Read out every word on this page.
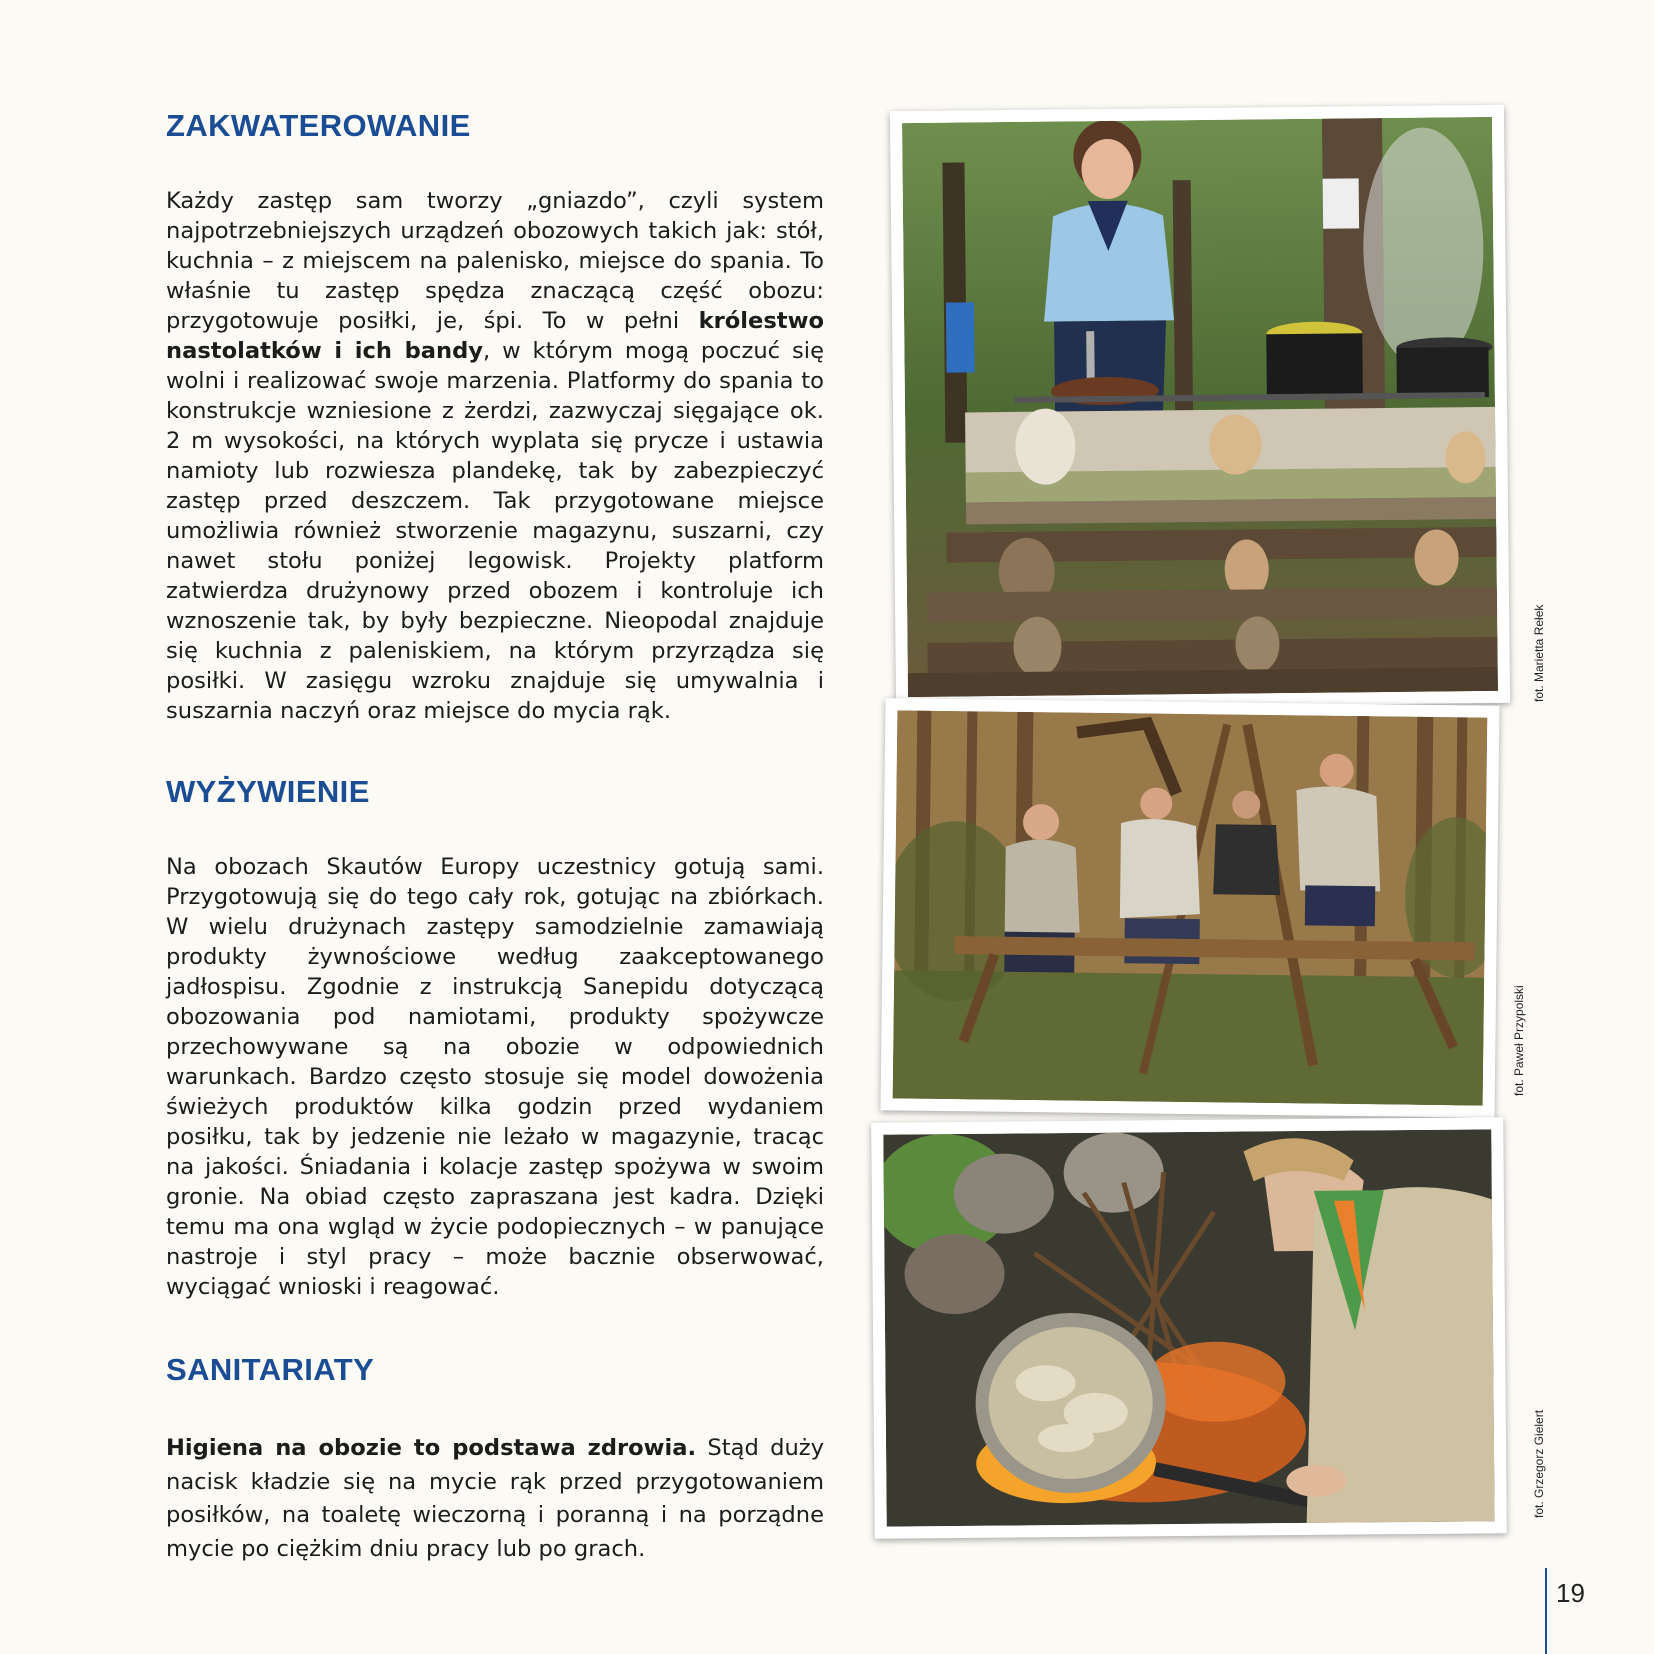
ZAKWATEROWANIE

Każdy zastęp sam tworzy „gniazdo”, czyli system najpotrzebniejszych urządzeń obozowych takich jak: stół, kuchnia – z miejscem na palenisko, miejsce do spania. To właśnie tu zastęp spędza znaczącą część obozu: przygotowuje posiłki, je, śpi. To w pełni królestwo nastolatków i ich bandy, w którym mogą poczuć się wolni i realizować swoje marzenia. Platformy do spania to konstrukcje wzniesione z żerdzi, zazwyczaj sięgające ok. 2 m wysokości, na których wyplata się prycze i ustawia namioty lub rozwiesza plandekę, tak by zabezpieczyć zastęp przed deszczem. Tak przygotowane miejsce umożliwia również stworzenie magazynu, suszarni, czy nawet stołu poniżej legowisk. Projekty platform zatwierdza drużynowy przed obozem i kontroluje ich wznoszenie tak, by były bezpieczne. Nieopodal znajduje się kuchnia z paleniskiem, na którym przyrządza się posiłki. W zasięgu wzroku znajduje się umywalnia i suszarnia naczyń oraz miejsce do mycia rąk.

WYŻYWIENIE

Na obozach Skautów Europy uczestnicy gotują sami. Przygotowują się do tego cały rok, gotując na zbiórkach. W wielu drużynach zastępy samodzielnie zamawiają produkty żywnościowe według zaakceptowanego jadłospisu. Zgodnie z instrukcją Sanepidu dotyczącą obozowania pod namiotami, produkty spożywcze przechowywane są na obozie w odpowiednich warunkach. Bardzo często stosuje się model dowożenia świeżych produktów kilka godzin przed wydaniem posiłku, tak by jedzenie nie leżało w magazynie, tracąc na jakości. Śniadania i kolacje zastęp spożywa w swoim gronie. Na obiad często zapraszana jest kadra. Dzięki temu ma ona wgląd w życie podopiecznych – w panujące nastroje i styl pracy – może bacznie obserwować, wyciągać wnioski i reagować.

SANITARIATY

Higiena na obozie to podstawa zdrowia. Stąd duży nacisk kładzie się na mycie rąk przed przygotowaniem posiłków, na toaletę wieczorną i poranną i na porządne mycie po ciężkim dniu pracy lub po grach.

fot. Marietta Rełek
fot. Paweł Przypolski
fot. Grzegorz Gielert
19
